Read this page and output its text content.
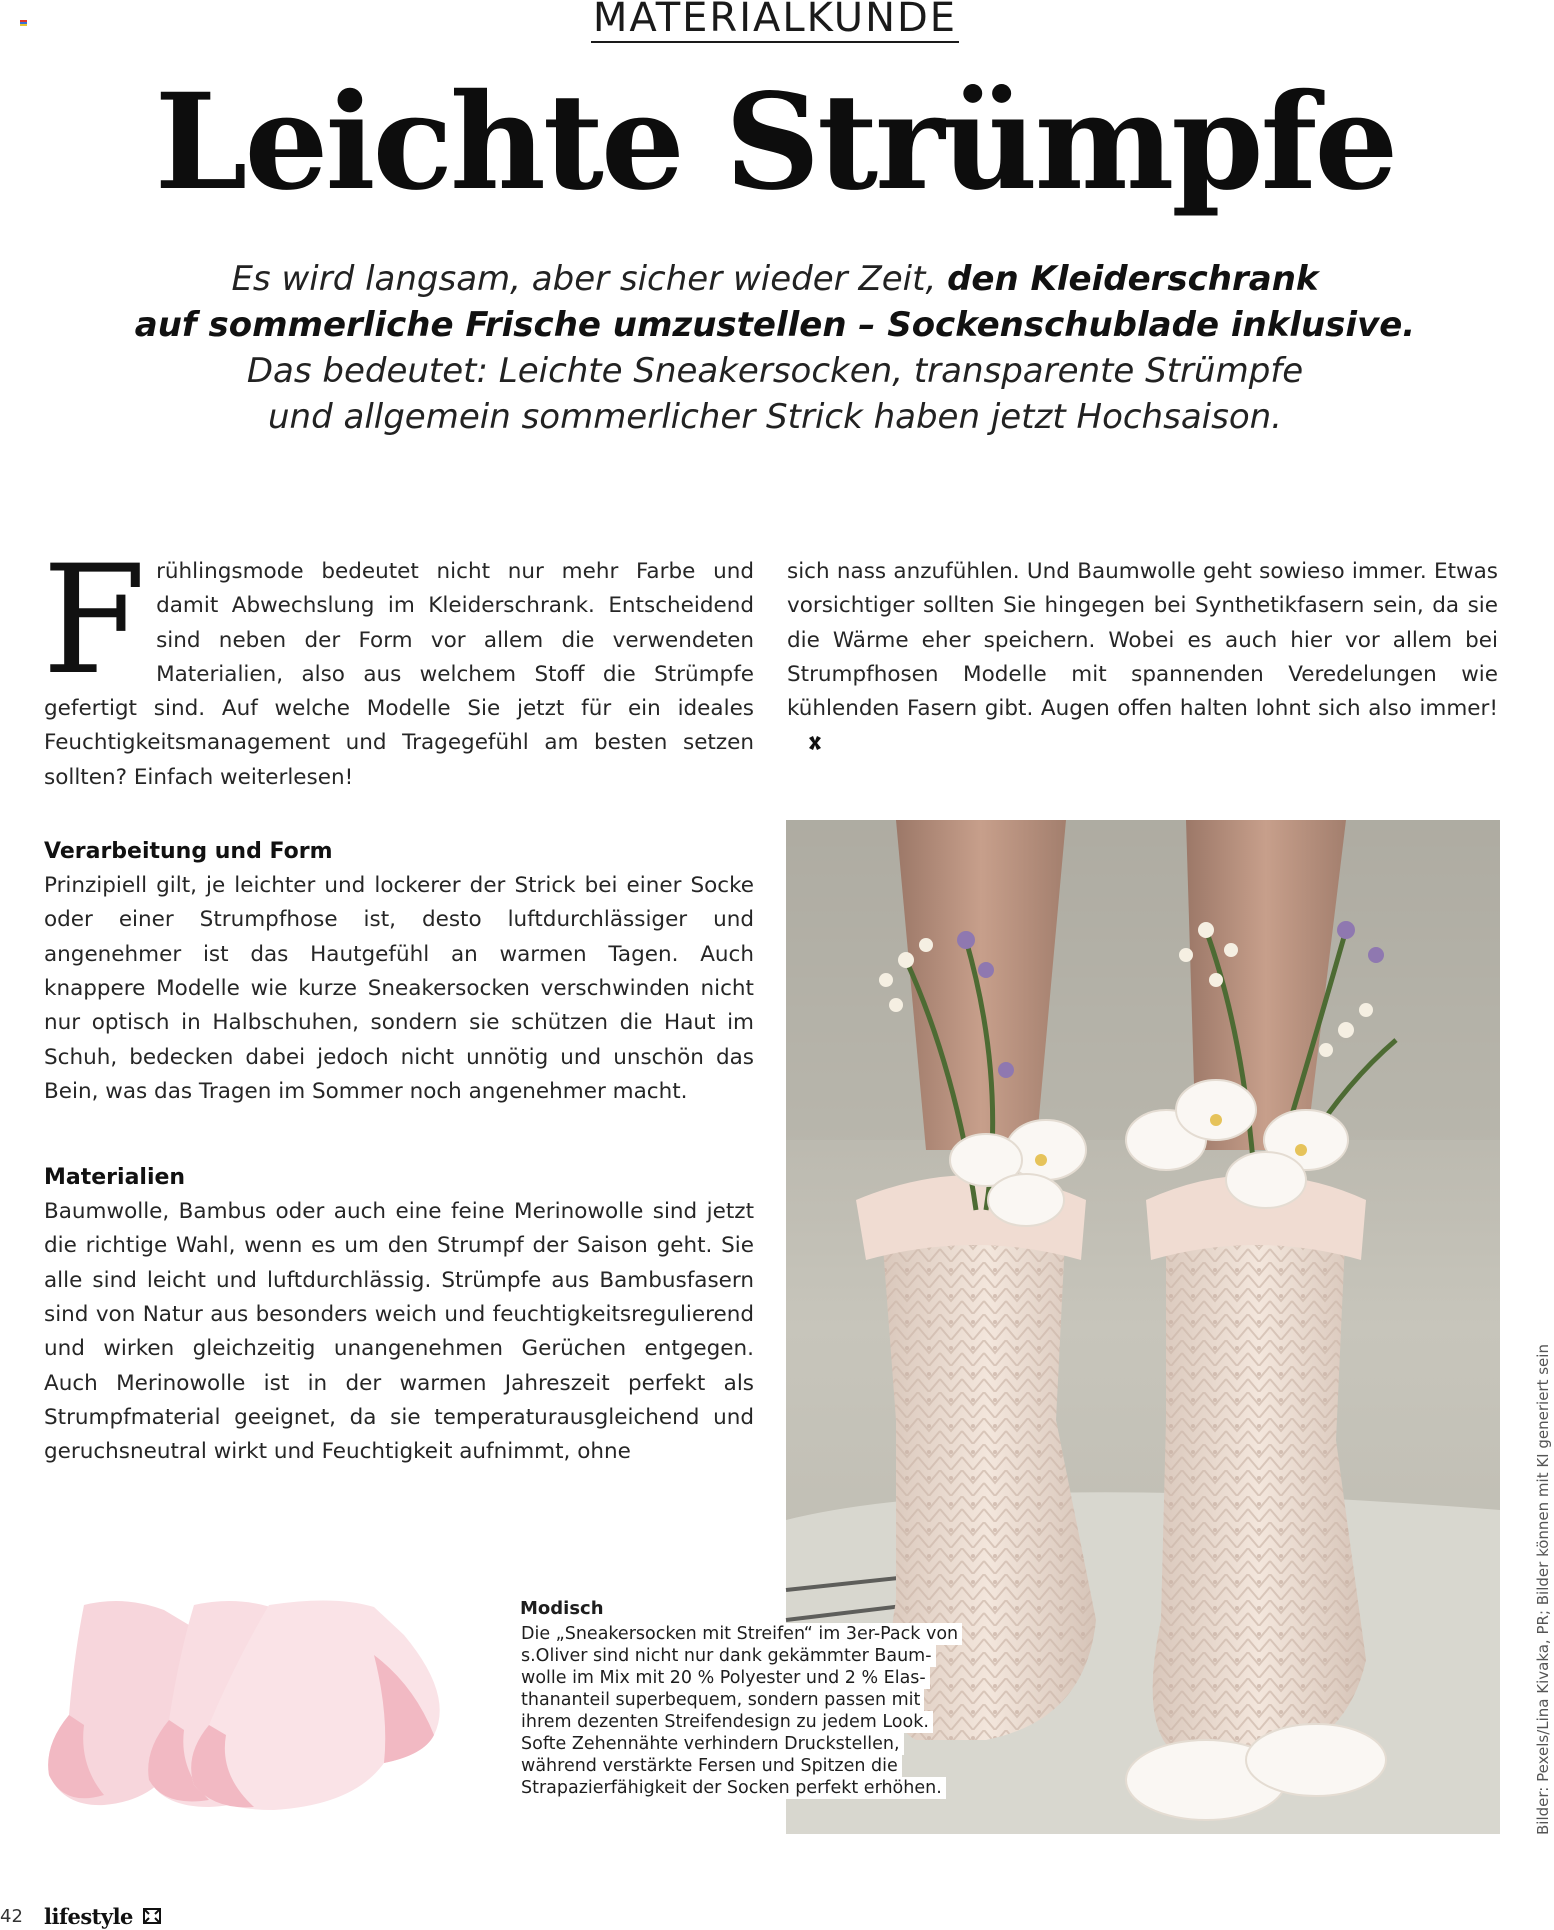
MATERIALKUNDE
Leichte Strümpfe
Es wird langsam, aber sicher wieder Zeit, den Kleiderschrank
auf sommerliche Frische umzustellen – Sockenschublade inklusive.
Das bedeutet: Leichte Sneakersocken, transparente Strümpfe
und allgemein sommerlicher Strick haben jetzt Hochsaison.

Frühlingsmode bedeutet nicht nur mehr Farbe und damit Abwechslung im Kleiderschrank. Entscheidend sind neben der Form vor allem die verwendeten Materialien, also aus welchem Stoff die Strümpfe gefertigt sind. Auf welche Modelle Sie jetzt für ein ideales Feuchtigkeitsmanagement und Tragegefühl am besten setzen sollten? Einfach weiterlesen!

Verarbeitung und Form

Prinzipiell gilt, je leichter und lockerer der Strick bei einer Socke oder einer Strumpfhose ist, desto luftdurchlässiger und angenehmer ist das Hautgefühl an warmen Tagen. Auch knappere Modelle wie kurze Sneakersocken verschwinden nicht nur optisch in Halbschuhen, sondern sie schützen die Haut im Schuh, bedecken dabei jedoch nicht unnötig und unschön das Bein, was das Tragen im Sommer noch angenehmer macht.

Materialien

Baumwolle, Bambus oder auch eine feine Merinowolle sind jetzt die richtige Wahl, wenn es um den Strumpf der Saison geht. Sie alle sind leicht und luftdurchlässig. Strümpfe aus Bambusfasern sind von Natur aus besonders weich und feuchtigkeitsregulierend und wirken gleichzeitig unangenehmen Gerüchen entgegen. Auch Merinowolle ist in der warmen Jahreszeit perfekt als Strumpfmaterial geeignet, da sie temperaturausgleichend und geruchsneutral wirkt und Feuchtigkeit aufnimmt, ohne

sich nass anzufühlen. Und Baumwolle geht sowieso immer. Etwas vorsichtiger sollten Sie hingegen bei Synthetikfasern sein, da sie die Wärme eher speichern. Wobei es auch hier vor allem bei Strumpfhosen Modelle mit spannenden Veredelungen wie kühlenden Fasern gibt. Augen offen halten lohnt sich also immer!

Modisch
Die „Sneakersocken mit Streifen“ im 3er-Pack von
s.Oliver sind nicht nur dank gekämmter Baum-
wolle im Mix mit 20 % Polyester und 2 % Elas-
thananteil superbequem, sondern passen mit
ihrem dezenten Streifendesign zu jedem Look.
Softe Zehennähte verhindern Druckstellen,
während verstärkte Fersen und Spitzen die
Strapazierfähigkeit der Socken perfekt erhöhen.	Bilder: Pexels/Lina Kivaka, PR; Bilder können mit KI generiert sein
42	lifestyle
